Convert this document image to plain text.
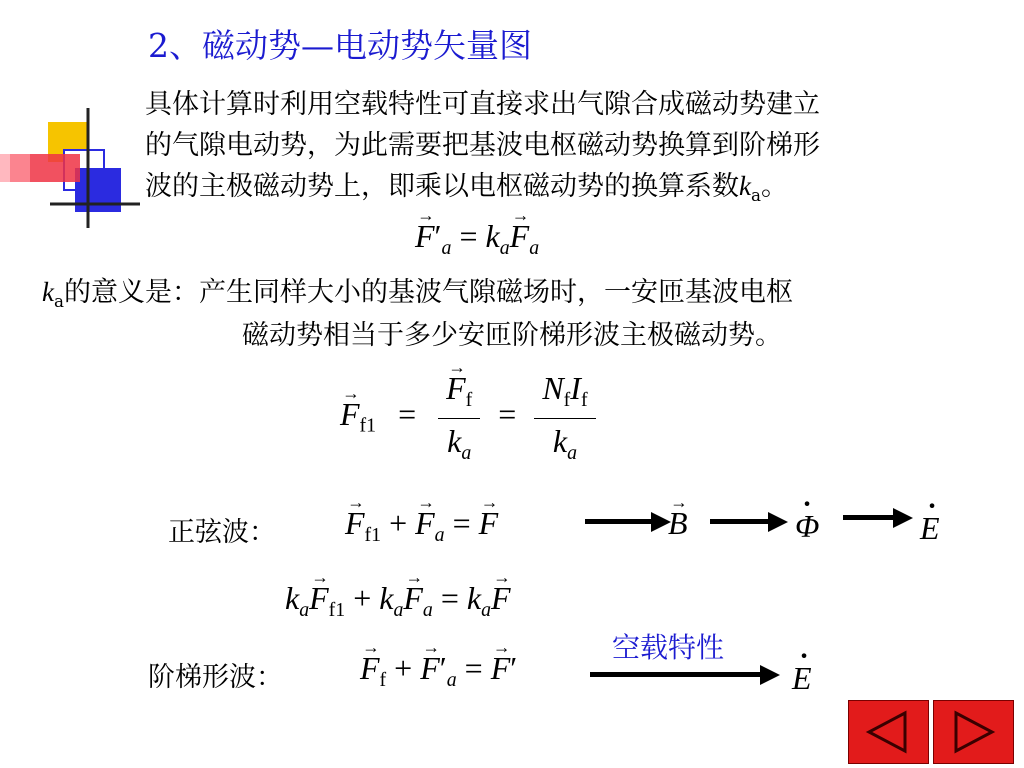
2、磁动势—电动势矢量图
具体计算时利用空载特性可直接求出气隙合成磁动势建立
的气隙电动势，为此需要把基波电枢磁动势换算到阶梯形
波的主极磁动势上，即乘以电枢磁动势的换算系数$k_a$。
→ $F'_a = k_a\to F_a$
$k_a$的意义是：产生同样大小的基波气隙磁场时，一安匝基波电枢
磁动势相当于多少安匝阶梯形波主极磁动势。
→ $F_{f1}$ = → $\frac{F_f}{k_a} = \frac{N_fI_f}{k_a}$
正弦波： → $F_{f1}$ + → $F_a$ = → F	→ B	· Φ	· E
$k_a\to F_{f1} + k_a\to F_a = k_a\to F$
阶梯形波： → $F_f$ + → $F'_a$ = → F′
空载特性
· E
